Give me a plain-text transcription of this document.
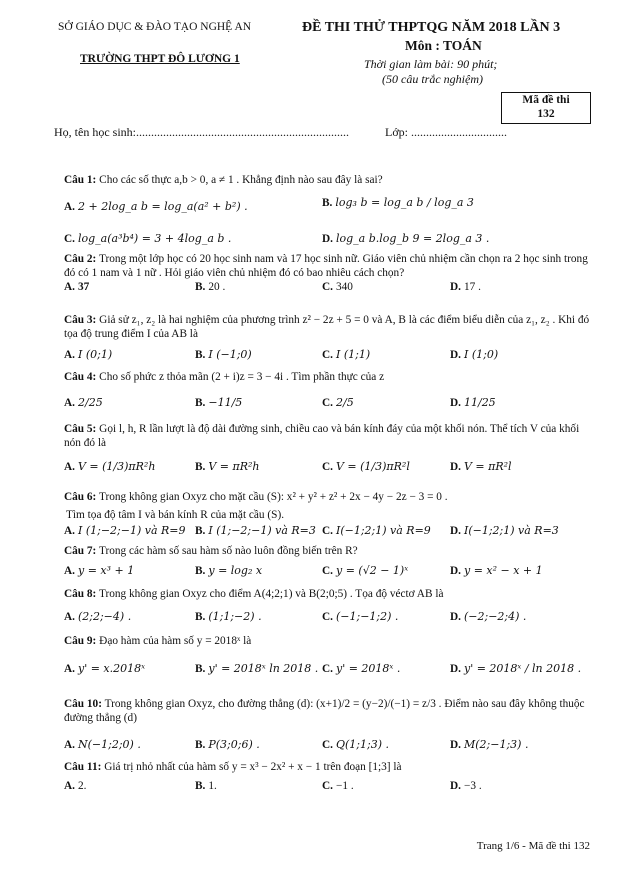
SỞ GIÁO DỤC & ĐÀO TẠO NGHỆ AN
TRƯỜNG THPT ĐÔ LƯƠNG 1
ĐỀ THI THỬ THPTQG NĂM 2018 LẦN 3
Môn : TOÁN
Thời gian làm bài: 90 phút;
(50 câu trắc nghiệm)
Mã đề thi
132
Họ, tên học sinh:.......................................................................	Lớp: ................................
Câu 1: Cho các số thực a,b > 0, a ≠ 1 . Khẳng định nào sau đây là sai?
A. 2 + 2log_a b = log_a(a² + b²) .	B. log₃ b = log_a b / log_a 3
C. log_a(a³b⁴) = 3 + 4log_a b .	D. log_a b.log_b 9 = 2log_a 3 .
Câu 2: Trong một lớp học có 20 học sinh nam và 17 học sinh nữ. Giáo viên chủ nhiệm cần chọn ra 2 học sinh trong đó có 1 nam và 1 nữ . Hỏi giáo viên chủ nhiệm đó có bao nhiêu cách chọn?
A. 37	B. 20 .	C. 340	D. 17 .
Câu 3: Giả sử z₁, z₂ là hai nghiệm của phương trình z² − 2z + 5 = 0 và A, B là các điểm biểu diễn của z₁, z₂ . Khi đó tọa độ trung điểm I của AB là
A. I (0;1)	B. I (−1;0)	C. I (1;1)	D. I (1;0)
Câu 4: Cho số phức z thỏa mãn (2 + i)z = 3 − 4i . Tìm phần thực của z
A. 2/25	B. −11/5	C. 2/5	D. 11/25
Câu 5: Gọi l, h, R lần lượt là độ dài đường sinh, chiều cao và bán kính đáy của một khối nón. Thể tích V của khối nón đó là
A. V = (1/3)πR²h	B. V = πR²h	C. V = (1/3)πR²l	D. V = πR²l
Câu 6: Trong không gian Oxyz cho mặt cầu (S): x² + y² + z² + 2x − 4y − 2z − 3 = 0 .
Tìm tọa độ tâm I và bán kính R của mặt cầu (S).
A. I (1;−2;−1) và R=9 B. I (1;−2;−1) và R=3 C. I(−1;2;1) và R=9 D. I(−1;2;1) và R=3
Câu 7: Trong các hàm số sau hàm số nào luôn đồng biến trên R?
A. y = x³ + 1	B. y = log₂ x	C. y = (√2 − 1)ˣ	D. y = x² − x + 1
Câu 8: Trong không gian Oxyz cho điểm A(4;2;1) và B(2;0;5) . Tọa độ véctơ AB là
A. (2;2;−4) .	B. (1;1;−2) .	C. (−1;−1;2) .	D. (−2;−2;4) .
Câu 9: Đạo hàm của hàm số y = 2018ˣ là
A. y' = x.2018ˣ	B. y' = 2018ˣ ln 2018 . C. y' = 2018ˣ .	D. y' = 2018ˣ / ln 2018 .
Câu 10: Trong không gian Oxyz, cho đường thẳng (d): (x+1)/2 = (y−2)/(−1) = z/3 . Điểm nào sau đây không thuộc đường thẳng (d)
A. N(−1;2;0) .	B. P(3;0;6) .	C. Q(1;1;3) .	D. M(2;−1;3) .
Câu 11: Giá trị nhỏ nhất của hàm số y = x³ − 2x² + x − 1 trên đoạn [1;3] là
A. 2.	B. 1.	C. −1 .	D. −3 .
Trang 1/6 - Mã đề thi 132
